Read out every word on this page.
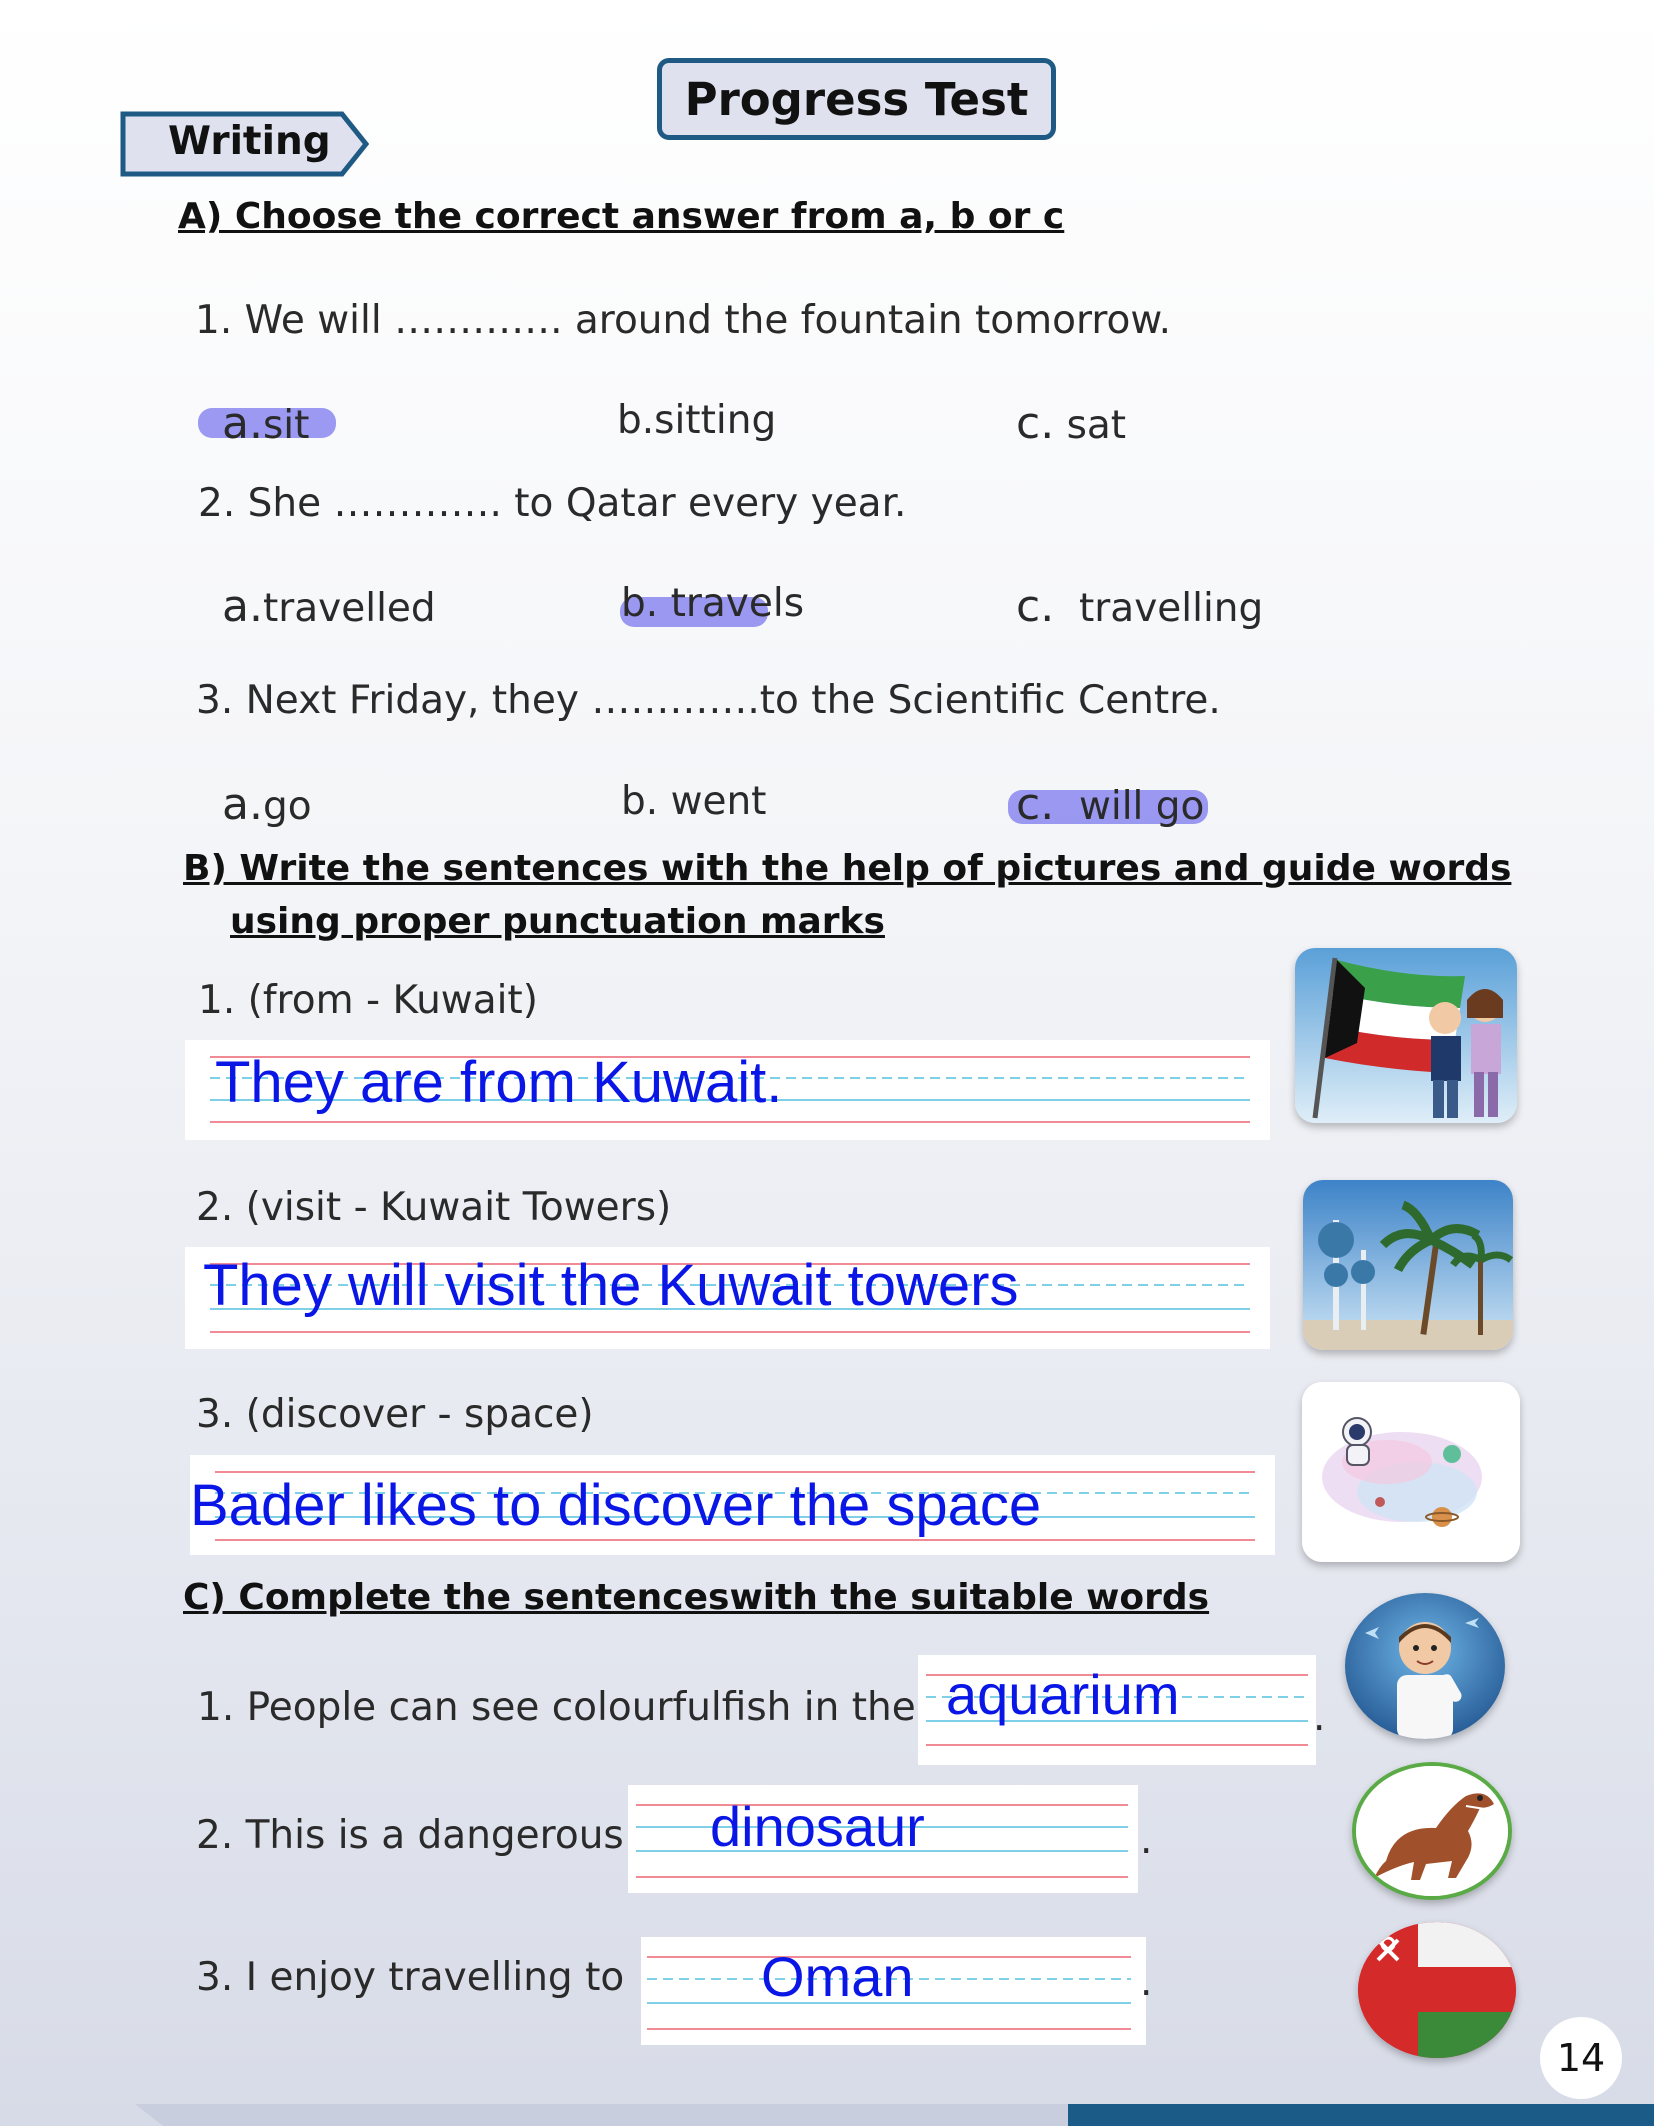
Progress Test
Writing
A) Choose the correct answer from a, b or c
1. We will …………. around the fountain tomorrow.
a.sit	b.sitting	c. sat
2. She …………. to Qatar every year.
a.travelled	b. travels	c. travelling
3. Next Friday, they ………….to the Scientific Centre.
a.go	b. went	c. will go
B) Write the sentences with the help of pictures and guide words
using proper punctuation marks
1. (from - Kuwait)
They are from Kuwait.
2. (visit - Kuwait Towers)
They will visit the Kuwait towers
3. (discover - space)
Bader likes to discover the space
C) Complete the sentenceswith the suitable words
1. People can see colourfulfish in the aquarium	.
2. This is a dangerous dinosaur	.
3. I enjoy travelling to Oman	.
14
